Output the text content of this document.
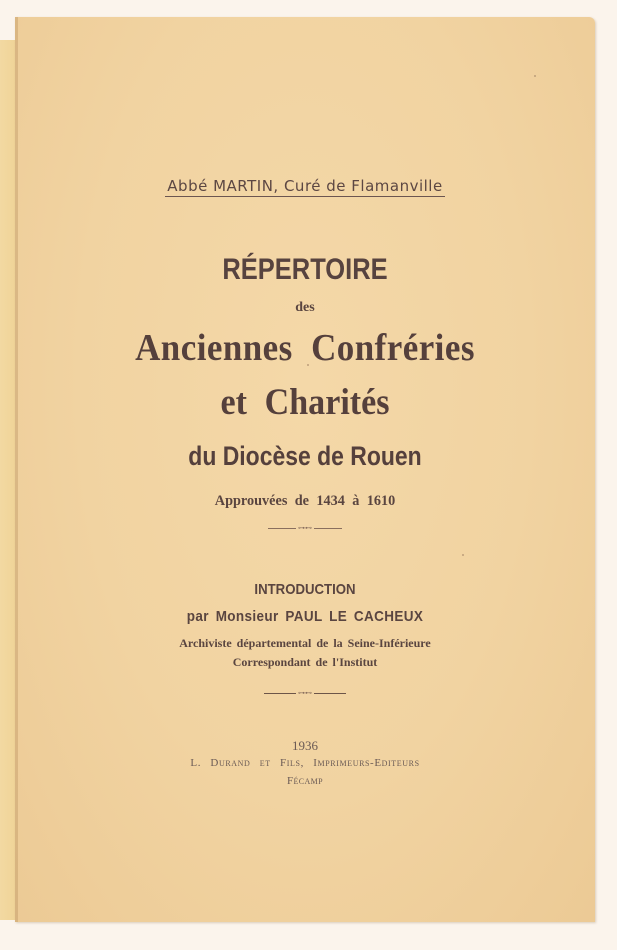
Abbé MARTIN, Curé de Flamanville
RÉPERTOIRE
des
Anciennes Confréries
et Charités
du Diocèse de Rouen
Approuvées de 1434 à 1610
⊶⊷
INTRODUCTION
par Monsieur PAUL LE CACHEUX
Archiviste départemental de la Seine-Inférieure
Correspondant de l'Institut
⊶⊷
1936
L. Durand et Fils, Imprimeurs-Editeurs
Fécamp
